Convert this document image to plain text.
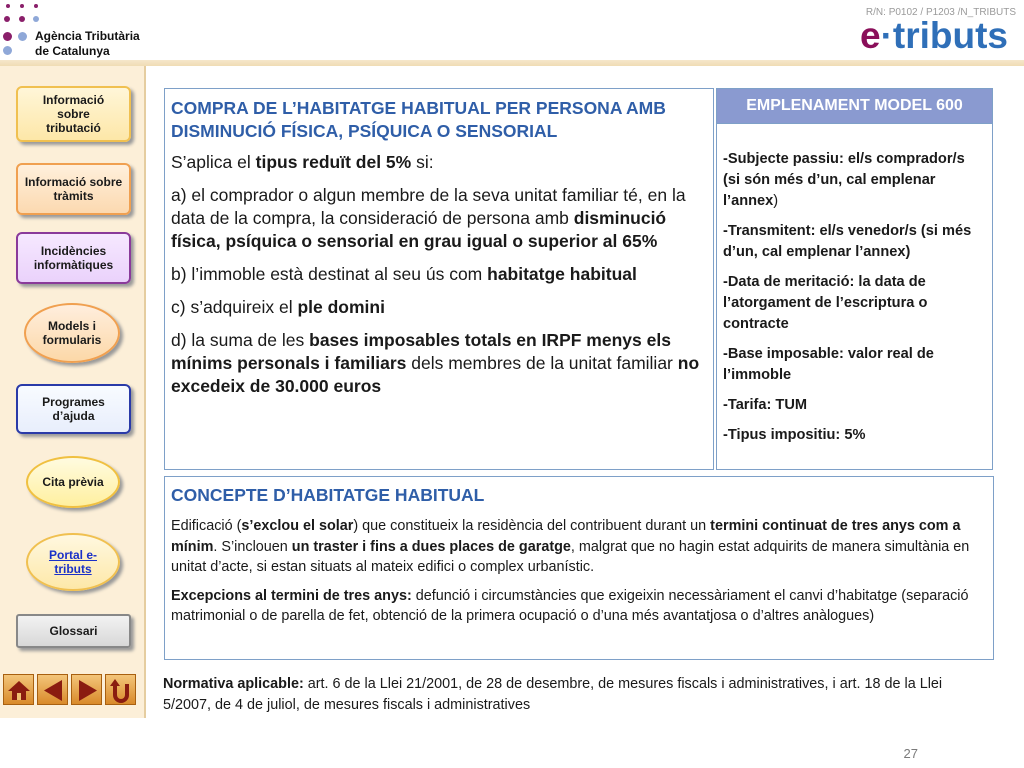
Agència Tributària
de Catalunya
R/N: P0102 / P1203 /N_TRIBUTS
e·tributs
Informació sobre tributació
Informació sobre tràmits
Incidències informàtiques
Models i formularis
Programes d’ajuda
Cita prèvia
Portal e-tributs
Glossari

COMPRA DE L’HABITATGE HABITUAL PER PERSONA AMB DISMINUCIÓ FÍSICA, PSÍQUICA O SENSORIAL

S’aplica el tipus reduït del 5% si:

a) el comprador o algun membre de la seva unitat familiar té, en la data de la compra, la consideració de persona amb disminució física, psíquica o sensorial en grau igual o superior al 65%

b) l’immoble està destinat al seu ús com habitatge habitual

c) s’adquireix el ple domini

d) la suma de les bases imposables totals en IRPF menys els mínims personals i familiars dels membres de la unitat familiar no excedeix de 30.000 euros

EMPLENAMENT MODEL 600

-Subjecte passiu: el/s comprador/s (si són més d’un, cal emplenar l’annex)

-Transmitent: el/s venedor/s (si més d’un, cal emplenar l’annex)

-Data de meritació: la data de l’atorgament de l’escriptura o contracte

-Base imposable: valor real de l’immoble

-Tarifa: TUM

-Tipus impositiu: 5%

CONCEPTE D’HABITATGE HABITUAL

Edificació (s’exclou el solar) que constitueix la residència del contribuent durant un termini continuat de tres anys com a mínim. S’inclouen un traster i fins a dues places de garatge, malgrat que no hagin estat adquirits de manera simultània en unitat d’acte, si estan situats al mateix edifici o complex urbanístic.

Excepcions al termini de tres anys: defunció i circumstàncies que exigeixin necessàriament el canvi d’habitatge (separació matrimonial o de parella de fet, obtenció de la primera ocupació o d’una més avantatjosa o d’altres anàlogues)

Normativa aplicable: art. 6 de la Llei 21/2001, de 28 de desembre, de mesures fiscals i administratives, i art. 18 de la Llei 5/2007, de 4 de juliol, de mesures fiscals i administratives
27
